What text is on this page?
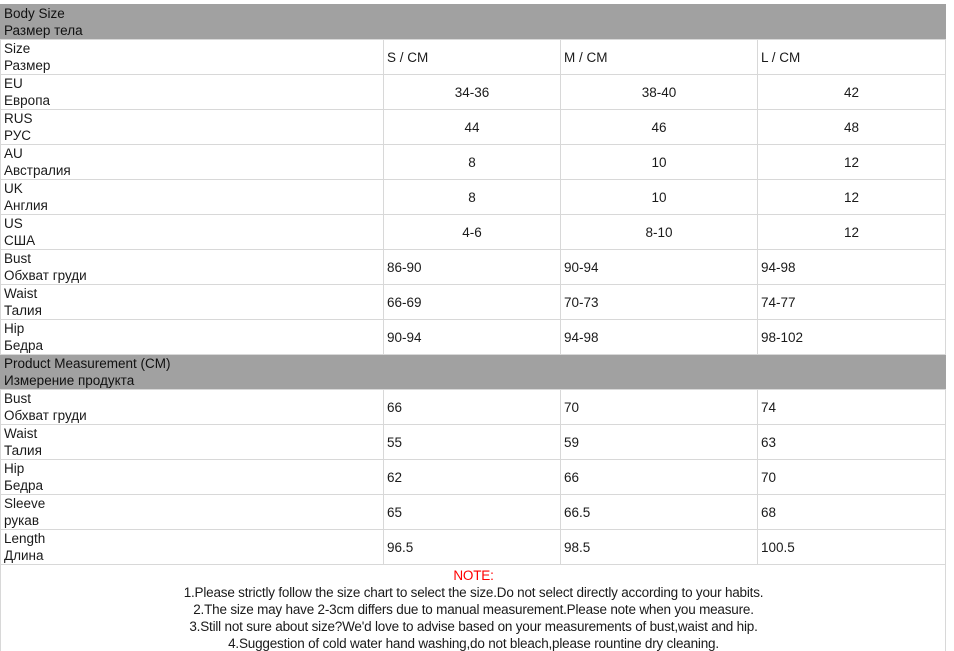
Body Size
Размер тела			

Size
Размер	S / CM	M / CM	L / CM

EU
Европа	34-36	38-40	42

RUS
РУС	44	46	48

AU
Австралия	8	10	12

UK
Англия	8	10	12

US
США	4-6	8-10	12

Bust
Обхват груди	86-90	90-94	94-98

Waist
Талия	66-69	70-73	74-77

Hip
Бедра	90-94	94-98	98-102

Product Measurement (CM)
Измерение продукта			

Bust
Обхват груди	66	70	74

Waist
Талия	55	59	63

Hip
Бедра	62	66	70

Sleeve
рукав	65	66.5	68

Length
Длина	96.5	98.5	100.5

NOTE:
1.Please strictly follow the size chart to select the size.Do not select directly according to your habits.
2.The size may have 2-3cm differs due to manual measurement.Please note when you measure.
3.Still not sure about size?We'd love to advise based on your measurements of bust,waist and hip.
4.Suggestion of cold water hand washing,do not bleach,please rountine dry cleaning.			
